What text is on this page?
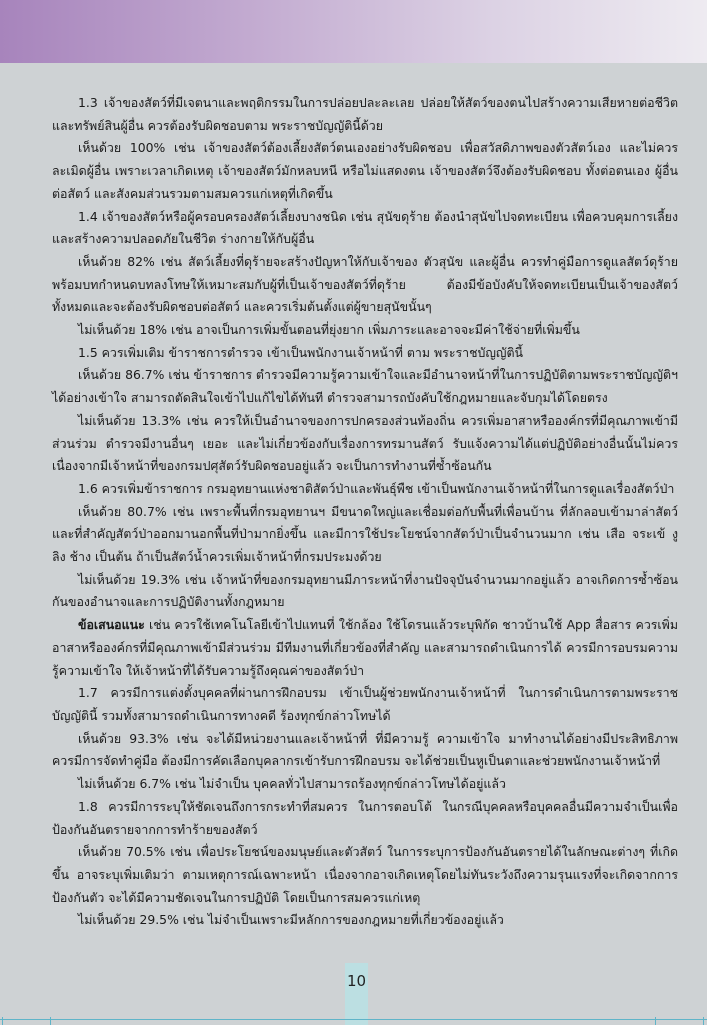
1.3 เจ้าของสัตว์ที่มีเจตนาและพฤติกรรมในการปล่อยปละละเลย ปล่อยให้สัตว์ของตนไปสร้างความเสียหายต่อชีวิตและทรัพย์สินผู้อื่น ควรต้องรับผิดชอบตาม พระราชบัญญัตินี้ด้วย

เห็นด้วย 100% เช่น เจ้าของสัตว์ต้องเลี้ยงสัตว์ตนเองอย่างรับผิดชอบ เพื่อสวัสดิภาพของตัวสัตว์เอง และไม่ควรละเมิดผู้อื่น เพราะเวลาเกิดเหตุ เจ้าของสัตว์มักหลบหนี หรือไม่แสดงตน เจ้าของสัตว์จึงต้องรับผิดชอบ ทั้งต่อตนเอง ผู้อื่น ต่อสัตว์ และสังคมส่วนรวมตามสมควรแก่เหตุที่เกิดขึ้น

1.4 เจ้าของสัตว์หรือผู้ครอบครองสัตว์เลี้ยงบางชนิด เช่น สุนัขดุร้าย ต้องนำสุนัขไปจดทะเบียน เพื่อควบคุมการเลี้ยงและสร้างความปลอดภัยในชีวิต ร่างกายให้กับผู้อื่น

เห็นด้วย 82% เช่น สัตว์เลี้ยงที่ดุร้ายจะสร้างปัญหาให้กับเจ้าของ ตัวสุนัข และผู้อื่น ควรทำคู่มือการดูแลสัตว์ดุร้าย พร้อมบทกำหนดบทลงโทษให้เหมาะสมกับผู้ที่เป็นเจ้าของสัตว์ที่ดุร้าย ต้องมีข้อบังคับให้จดทะเบียนเป็นเจ้าของสัตว์ทั้งหมดและจะต้องรับผิดชอบต่อสัตว์ และควรเริ่มต้นตั้งแต่ผู้ขายสุนัขนั้นๆ

ไม่เห็นด้วย 18% เช่น อาจเป็นการเพิ่มขั้นตอนที่ยุ่งยาก เพิ่มภาระและอาจจะมีค่าใช้จ่ายที่เพิ่มขึ้น

1.5 ควรเพิ่มเติม ข้าราชการตำรวจ เข้าเป็นพนักงานเจ้าหน้าที่ ตาม พระราชบัญญัตินี้

เห็นด้วย 86.7% เช่น ข้าราชการ ตำรวจมีความรู้ความเข้าใจและมีอำนาจหน้าที่ในการปฏิบัติตามพระราชบัญญัติฯ ได้อย่างเข้าใจ สามารถตัดสินใจเข้าไปแก้ไขได้ทันที ตำรวจสามารถบังคับใช้กฎหมายและจับกุมได้โดยตรง

ไม่เห็นด้วย 13.3% เช่น ควรให้เป็นอำนาจของการปกครองส่วนท้องถิ่น ควรเพิ่มอาสาหรือองค์กรที่มีคุณภาพเข้ามีส่วนร่วม ตำรวจมีงานอื่นๆ เยอะ และไม่เกี่ยวข้องกับเรื่องการทรมานสัตว์ รับแจ้งความได้แต่ปฏิบัติอย่างอื่นนั้นไม่ควร เนื่องจากมีเจ้าหน้าที่ของกรมปศุสัตว์รับผิดชอบอยู่แล้ว จะเป็นการทำงานที่ซ้ำซ้อนกัน

1.6 ควรเพิ่มข้าราชการ กรมอุทยานแห่งชาติสัตว์ป่าและพันธุ์พืช เข้าเป็นพนักงานเจ้าหน้าที่ในการดูแลเรื่องสัตว์ป่า

เห็นด้วย 80.7% เช่น เพราะพื้นที่กรมอุทยานฯ มีขนาดใหญ่และเชื่อมต่อกับพื้นที่เพื่อนบ้าน ที่ลักลอบเข้ามาล่าสัตว์ และที่สำคัญสัตว์ป่าออกมานอกพื้นที่ป่ามากยิ่งขึ้น และมีการใช้ประโยชน์จากสัตว์ป่าเป็นจำนวนมาก เช่น เสือ จระเข้ งู ลิง ช้าง เป็นต้น ถ้าเป็นสัตว์น้ำควรเพิ่มเจ้าหน้าที่กรมประมงด้วย

ไม่เห็นด้วย 19.3% เช่น เจ้าหน้าที่ของกรมอุทยานมีภาระหน้าที่งานปัจจุบันจำนวนมากอยู่แล้ว อาจเกิดการซ้ำซ้อนกันของอำนาจและการปฏิบัติงานทั้งกฎหมาย

ข้อเสนอแนะ เช่น ควรใช้เทคโนโลยีเข้าไปแทนที่ ใช้กล้อง ใช้โดรนแล้วระบุพิกัด ชาวบ้านใช้ App สื่อสาร ควรเพิ่มอาสาหรือองค์กรที่มีคุณภาพเข้ามีส่วนร่วม มีทีมงานที่เกี่ยวข้องที่สำคัญ และสามารถดำเนินการได้ ควรมีการอบรมความรู้ความเข้าใจ ให้เจ้าหน้าที่ได้รับความรู้ถึงคุณค่าของสัตว์ป่า

1.7 ควรมีการแต่งตั้งบุคคลที่ผ่านการฝึกอบรม เข้าเป็นผู้ช่วยพนักงานเจ้าหน้าที่ ในการดำเนินการตามพระราชบัญญัตินี้ รวมทั้งสามารถดำเนินการทางคดี ร้องทุกข์กล่าวโทษได้

เห็นด้วย 93.3% เช่น จะได้มีหน่วยงานและเจ้าหน้าที่ ที่มีความรู้ ความเข้าใจ มาทำงานได้อย่างมีประสิทธิภาพ ควรมีการจัดทำคู่มือ ต้องมีการคัดเลือกบุคลากรเข้ารับการฝึกอบรม จะได้ช่วยเป็นหูเป็นตาและช่วยพนักงานเจ้าหน้าที่

ไม่เห็นด้วย 6.7% เช่น ไม่จำเป็น บุคคลทั่วไปสามารถร้องทุกข์กล่าวโทษได้อยู่แล้ว

1.8 ควรมีการระบุให้ชัดเจนถึงการกระทำที่สมควร ในการตอบโต้ ในกรณีบุคคลหรือบุคคลอื่นมีความจำเป็นเพื่อป้องกันอันตรายจากการทำร้ายของสัตว์

เห็นด้วย 70.5% เช่น เพื่อประโยชน์ของมนุษย์และตัวสัตว์ ในการระบุการป้องกันอันตรายได้ในลักษณะต่างๆ ที่เกิดขึ้น อาจระบุเพิ่มเติมว่า ตามเหตุการณ์เฉพาะหน้า เนื่องจากอาจเกิดเหตุโดยไม่ทันระวังถึงความรุนแรงที่จะเกิดจากการป้องกันตัว จะได้มีความชัดเจนในการปฏิบัติ โดยเป็นการสมควรแก่เหตุ

ไม่เห็นด้วย 29.5% เช่น ไม่จำเป็นเพราะมีหลักการของกฎหมายที่เกี่ยวข้องอยู่แล้ว

10
